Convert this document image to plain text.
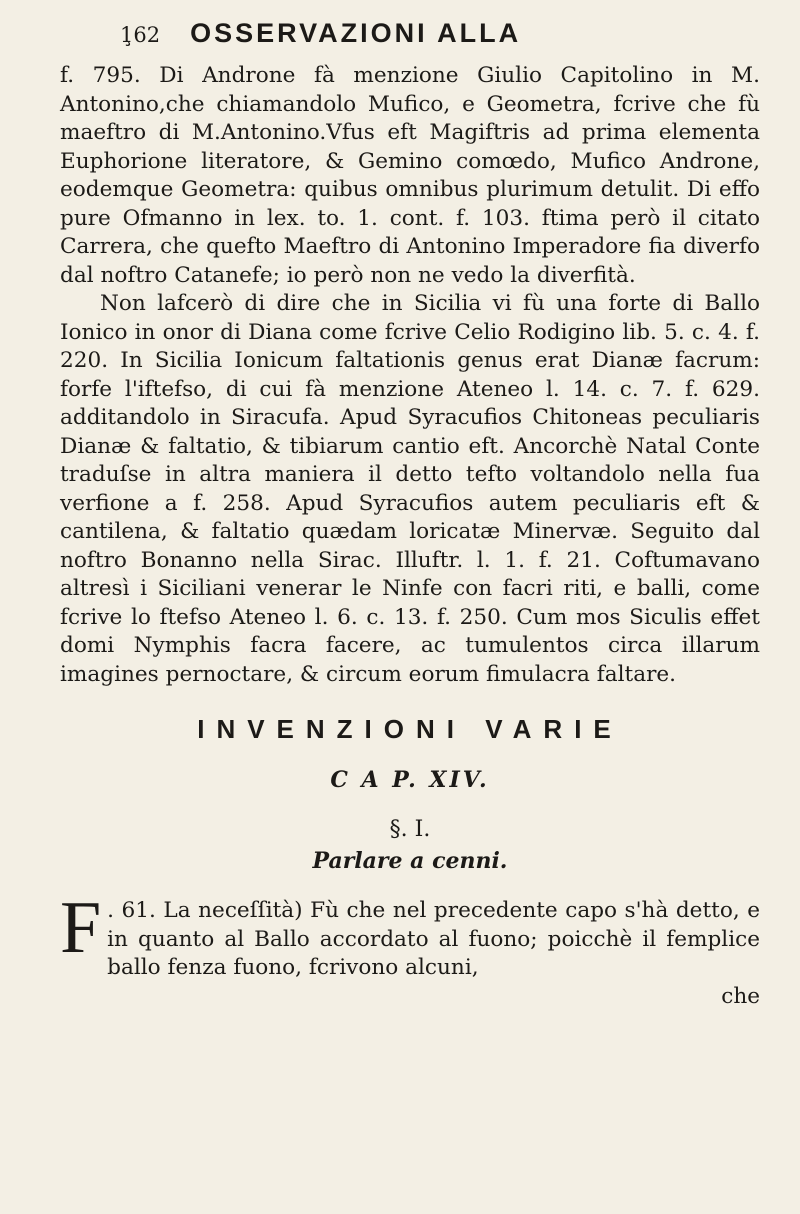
1̧62 OSSERVAZIONI ALLA

f. 795. Di Androne fà menzione Giulio Capitolino in M. Antonino,che chiamandolo Mufico, e Geometra, fcrive che fù maeftro di M.Antonino.Vfus eft Magiftris ad prima elementa Euphorione literatore, & Gemino comœdo, Mufico Androne, eodemque Geometra: quibus omnibus plurimum detulit. Di effo pure Ofmanno in lex. to. 1. cont. f. 103. ftima però il citato Carrera, che quefto Maeftro di Antonino Imperadore fia diverfo dal noftro Catanefe; io però non ne vedo la diverfità.

Non lafcerò di dire che in Sicilia vi fù una forte di Ballo Ionico in onor di Diana come fcrive Celio Rodigino lib. 5. c. 4. f. 220. In Sicilia Ionicum faltationis genus erat Dianæ facrum: forfe l'iftefso, di cui fà menzione Ateneo l. 14. c. 7. f. 629. additandolo in Siracufa. Apud Syracufios Chitoneas peculiaris Dianæ & faltatio, & tibiarum cantio eft. Ancorchè Natal Conte traduſse in altra maniera il detto tefto voltandolo nella fua verfione a f. 258. Apud Syracufios autem peculiaris eft & cantilena, & faltatio quædam loricatæ Minervæ. Seguito dal noftro Bonanno nella Sirac. Illuftr. l. 1. f. 21. Coftumavano altresì i Siciliani venerar le Ninfe con facri riti, e balli, come fcrive lo ftefso Ateneo l. 6. c. 13. f. 250. Cum mos Siculis effet domi Nymphis facra facere, ac tumulentos circa illarum imagines pernoctare, & circum eorum fimulacra faltare.

INVENZIONI VARIE
C A P. XIV.
§. I.
Parlare a cenni.
F . 61. La neceſſità) Fù che nel precedente capo s'hà detto, e in quanto al Ballo accordato al fuono; poicchè il femplice ballo fenza fuono, fcrivono alcuni,

che
